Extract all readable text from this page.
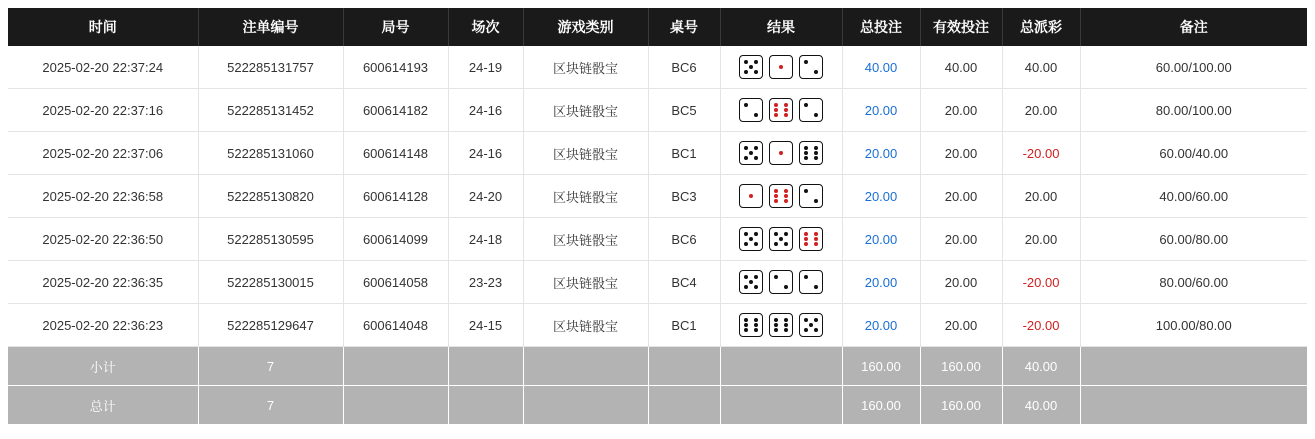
时间	注单编号	局号	场次	游戏类别	桌号	结果	总投注	有效投注	总派彩	备注
2025-02-20 22:37:24	522285131757	600614193	24-19	区块链骰宝	BC6		40.00	40.00	40.00	60.00/100.00
2025-02-20 22:37:16	522285131452	600614182	24-16	区块链骰宝	BC5		20.00	20.00	20.00	80.00/100.00
2025-02-20 22:37:06	522285131060	600614148	24-16	区块链骰宝	BC1		20.00	20.00	-20.00	60.00/40.00
2025-02-20 22:36:58	522285130820	600614128	24-20	区块链骰宝	BC3		20.00	20.00	20.00	40.00/60.00
2025-02-20 22:36:50	522285130595	600614099	24-18	区块链骰宝	BC6		20.00	20.00	20.00	60.00/80.00
2025-02-20 22:36:35	522285130015	600614058	23-23	区块链骰宝	BC4		20.00	20.00	-20.00	80.00/60.00
2025-02-20 22:36:23	522285129647	600614048	24-15	区块链骰宝	BC1		20.00	20.00	-20.00	100.00/80.00
小计	7						160.00	160.00	40.00	
总计	7						160.00	160.00	40.00	
